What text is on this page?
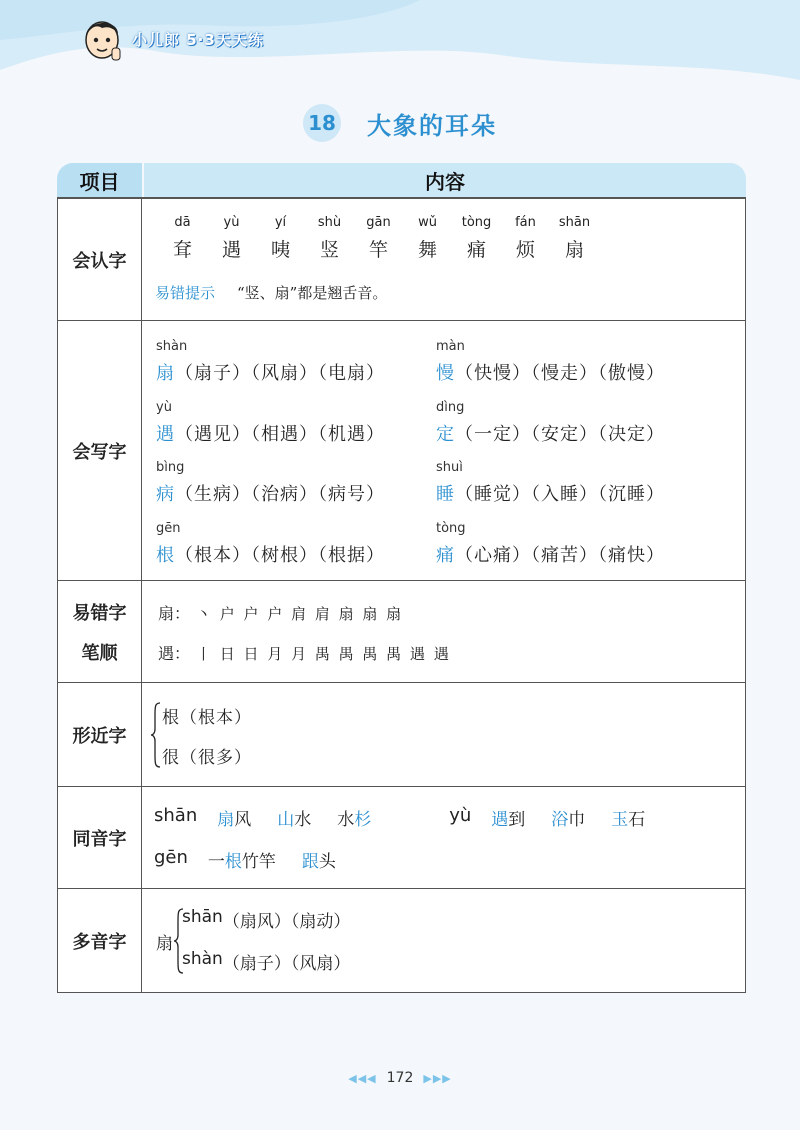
小儿郎 5·3天天练
18 大象的耳朵
项目	内容
会认字
dā
耷
yù
遇
yí
咦
shù
竖
gān
竿
wǔ
舞
tòng
痛
fán
烦
shān
扇
易错提示 “竖、扇”都是翘舌音。
会写字
shàn
扇（扇子）（风扇）（电扇）
màn
慢（快慢）（慢走）（傲慢）
yù
遇（遇见）（相遇）（机遇）
dìng
定（一定）（安定）（决定）
bìng
病（生病）（治病）（病号）
shuì
睡（睡觉）（入睡）（沉睡）
gēn
根（根本）（树根）（根据）
tòng
痛（心痛）（痛苦）（痛快）
易错字
笔顺
扇： 丶 户 户 户 肩 肩 扇 扇 扇
遇： 丨 日 日 月 月 禺 禺 禺 禺 遇 遇
形近字
根（根本）
很（很多）
同音字
shān 扇风 山水 水杉	yù 遇到 浴巾 玉石
gēn 一根竹竿 跟头
多音字 扇
shān （扇风）（扇动）
shàn （扇子）（风扇）
◀◀◀ 172 ▶▶▶
